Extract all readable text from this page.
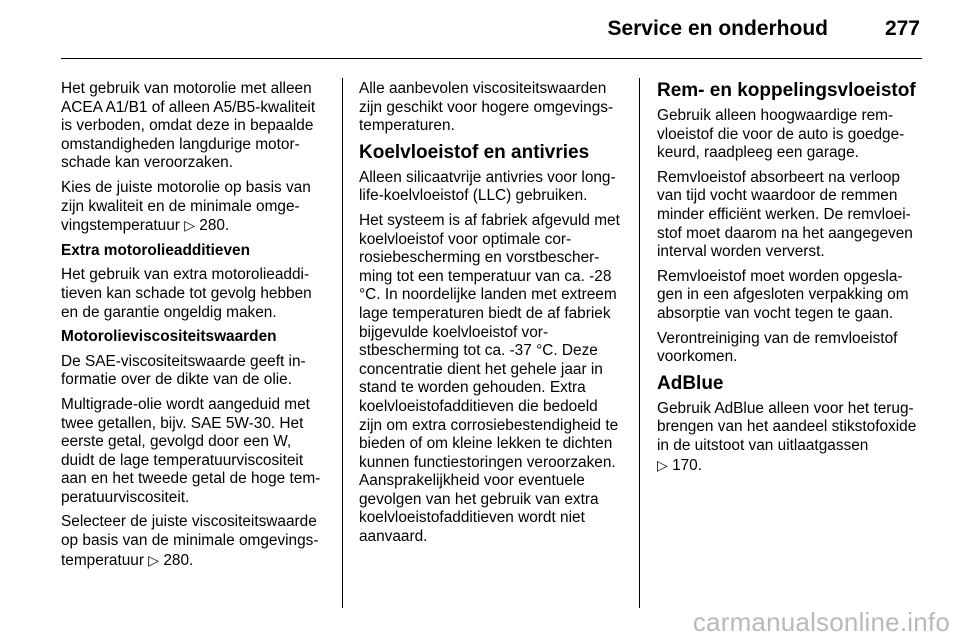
Service en onderhoud	277

Het gebruik van motorolie met alleen ACEA A1/B1 of alleen A5/B5-kwaliteit is verboden, omdat deze in bepaalde omstandigheden langdurige motorschade kan veroorzaken.

Kies de juiste motorolie op basis van zijn kwaliteit en de minimale omgevingstemperatuur ▷ 280.

Extra motorolieadditieven

Het gebruik van extra motorolieadditieven kan schade tot gevolg hebben en de garantie ongeldig maken.

Motorolieviscositeitswaarden

De SAE-viscositeitswaarde geeft informatie over de dikte van de olie.

Multigrade-olie wordt aangeduid met twee getallen, bijv. SAE 5W-30. Het eerste getal, gevolgd door een W, duidt de lage temperatuurviscositeit aan en het tweede getal de hoge temperatuurviscositeit.

Selecteer de juiste viscositeitswaarde op basis van de minimale omgevingstemperatuur ▷ 280.

Alle aanbevolen viscositeitswaarden zijn geschikt voor hogere omgevingstemperaturen.

Koelvloeistof en antivries

Alleen silicaatvrije antivries voor long-life-koelvloeistof (LLC) gebruiken.

Het systeem is af fabriek afgevuld met koelvloeistof voor optimale corrosiebescherming en vorstbescherming tot een temperatuur van ca. -28 °C. In noordelijke landen met extreem lage temperaturen biedt de af fabriek bijgevulde koelvloeistof vorstbescherming tot ca. -37 °C. Deze concentratie dient het gehele jaar in stand te worden gehouden. Extra koelvloeistofadditieven die bedoeld zijn om extra corrosiebestendigheid te bieden of om kleine lekken te dichten kunnen functiestoringen veroorzaken. Aansprakelijkheid voor eventuele gevolgen van het gebruik van extra koelvloeistofadditieven wordt niet aanvaard.

Rem- en koppelingsvloeistof

Gebruik alleen hoogwaardige remvloeistof die voor de auto is goedgekeurd, raadpleeg een garage.

Remvloeistof absorbeert na verloop van tijd vocht waardoor de remmen minder efficiënt werken. De remvloeistof moet daarom na het aangegeven interval worden ververst.

Remvloeistof moet worden opgeslagen in een afgesloten verpakking om absorptie van vocht tegen te gaan.

Verontreiniging van de remvloeistof voorkomen.

AdBlue

Gebruik AdBlue alleen voor het terugbrengen van het aandeel stikstofoxide in de uitstoot van uitlaatgassen
▷ 170.

carmanualsonline.info
